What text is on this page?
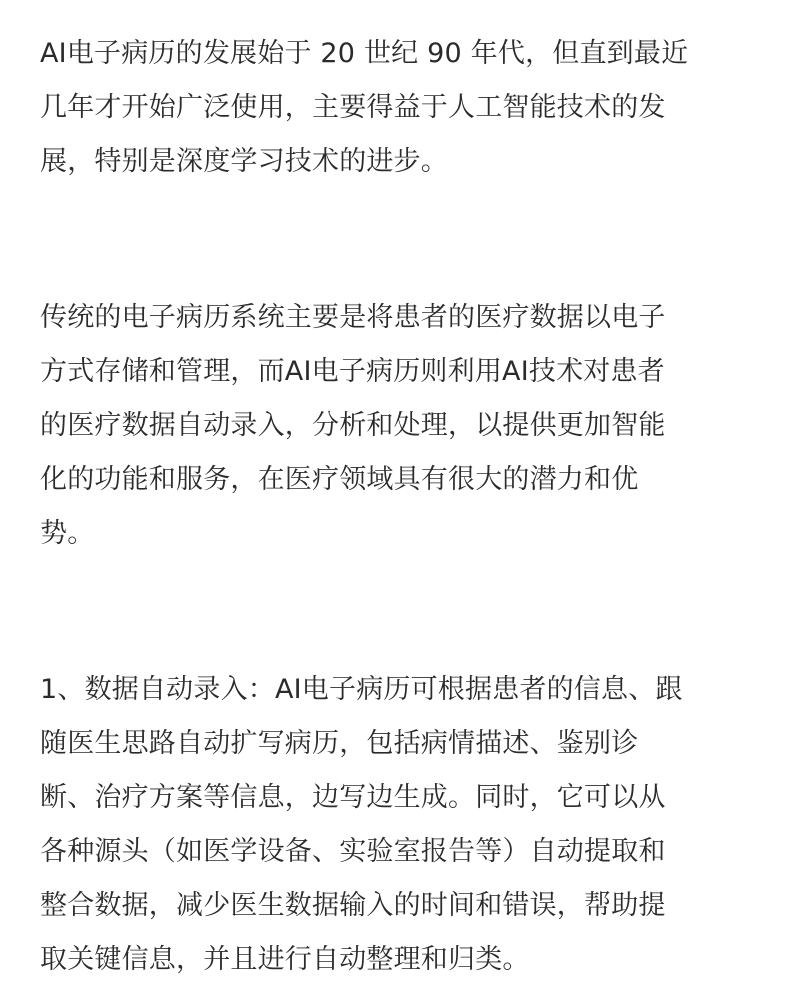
AI电子病历的发展始于 20 世纪 90 年代，但直到最近
几年才开始广泛使用，主要得益于人工智能技术的发
展，特别是深度学习技术的进步。

传统的电子病历系统主要是将患者的医疗数据以电子
方式存储和管理，而AI电子病历则利用AI技术对患者
的医疗数据自动录入，分析和处理，以提供更加智能
化的功能和服务，在医疗领域具有很大的潜力和优
势。

1、数据自动录入：AI电子病历可根据患者的信息、跟
随医生思路自动扩写病历，包括病情描述、鉴别诊
断、治疗方案等信息，边写边生成。同时，它可以从
各种源头（如医学设备、实验室报告等）自动提取和
整合数据，减少医生数据输入的时间和错误，帮助提
取关键信息，并且进行自动整理和归类。
